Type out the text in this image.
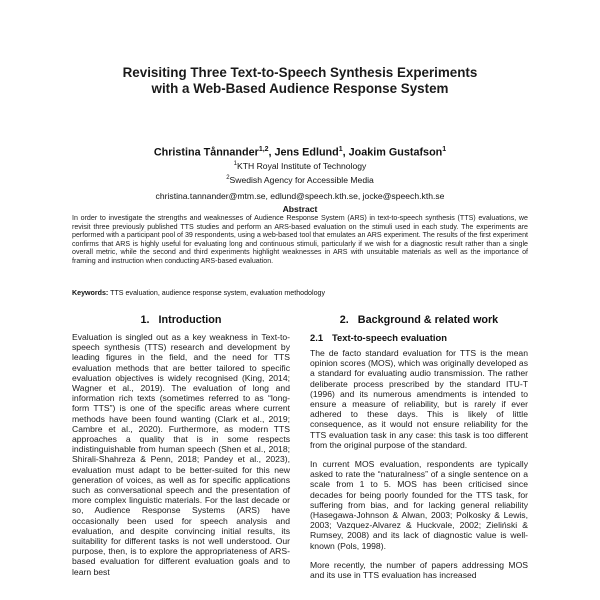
Revisiting Three Text-to-Speech Synthesis Experiments
with a Web-Based Audience Response System
Christina Tånnander$^{1,2}$, Jens Edlund$^1$, Joakim Gustafson$^1$
$^1$KTH Royal Institute of Technology
$^2$Swedish Agency for Accessible Media
christina.tannander@mtm.se, edlund@speech.kth.se, jocke@speech.kth.se
Abstract
In order to investigate the strengths and weaknesses of Audience Response System (ARS) in text-to-speech synthesis (TTS) evaluations, we revisit three previously published TTS studies and perform an ARS-based evaluation on the stimuli used in each study. The experiments are performed with a participant pool of 39 respondents, using a web-based tool that emulates an ARS experiment. The results of the first experiment confirms that ARS is highly useful for evaluating long and continuous stimuli, particularly if we wish for a diagnostic result rather than a single overall metric, while the second and third experiments highlight weaknesses in ARS with unsuitable materials as well as the importance of framing and instruction when conducting ARS-based evaluation.
Keywords: TTS evaluation, audience response system, evaluation methodology
1. Introduction

Evaluation is singled out as a key weakness in Text-to-speech synthesis (TTS) research and development by leading figures in the field, and the need for TTS evaluation methods that are better tailored to specific evaluation objectives is widely recognised (King, 2014; Wagner et al., 2019). The evaluation of long and information rich texts (sometimes referred to as “long-form TTS”) is one of the specific areas where current methods have been found wanting (Clark et al., 2019; Cambre et al., 2020). Furthermore, as modern TTS approaches a quality that is in some respects indistinguishable from human speech (Shen et al., 2018; Shirali-Shahreza & Penn, 2018; Pandey et al., 2023), evaluation must adapt to be better-suited for this new generation of voices, as well as for specific applications such as conversational speech and the presentation of more complex linguistic materials. For the last decade or so, Audience Response Systems (ARS) have occasionally been used for speech analysis and evaluation, and despite convincing initial results, its suitability for different tasks is not well understood. Our purpose, then, is to explore the appropriateness of ARS-based evaluation for different evaluation goals and to learn best

2. Background & related work
2.1 Text-to-speech evaluation

The de facto standard evaluation for TTS is the mean opinion scores (MOS), which was originally developed as a standard for evaluating audio transmission. The rather deliberate process prescribed by the standard ITU-T (1996) and its numerous amendments is intended to ensure a measure of reliability, but is rarely if ever adhered to these days. This is likely of little consequence, as it would not ensure reliability for the TTS evaluation task in any case: this task is too different from the original purpose of the standard.

In current MOS evaluation, respondents are typically asked to rate the “naturalness” of a single sentence on a scale from 1 to 5. MOS has been criticised since decades for being poorly founded for the TTS task, for suffering from bias, and for lacking general reliability (Hasegawa-Johnson & Alwan, 2003; Polkosky & Lewis, 2003; Vazquez-Alvarez & Huckvale, 2002; Zieliński & Rumsey, 2008) and its lack of diagnostic value is well-known (Pols, 1998).

More recently, the number of papers addressing MOS and its use in TTS evaluation has increased
